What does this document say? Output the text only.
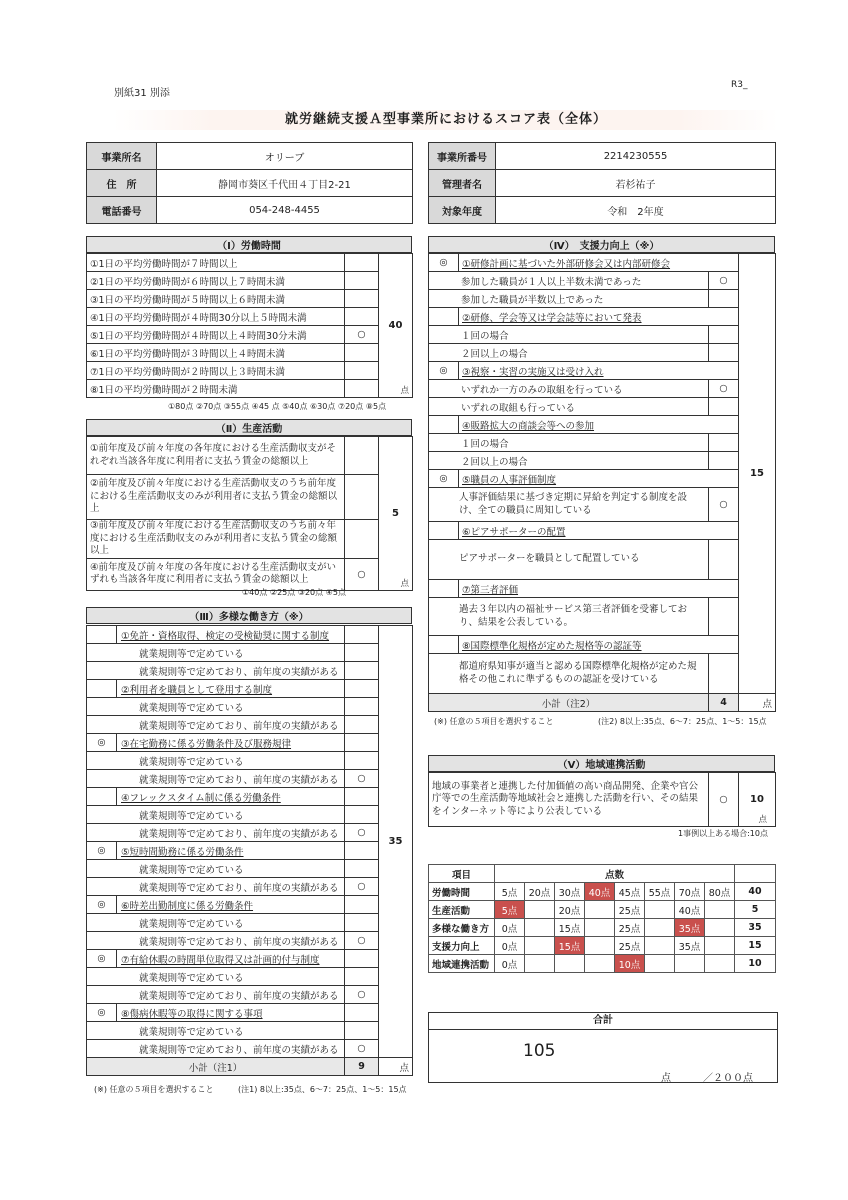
別紙31 別添
R3_
就労継続支援Ａ型事業所におけるスコア表（全体）
事業所名	オリーブ
住　所	静岡市葵区千代田４丁目2-21
電話番号	054-248-4455
事業所番号	2214230555
管理者名	若杉祐子
対象年度	令和　2年度
（Ⅰ）労働時間
①1日の平均労働時間が７時間以上		40
点

②1日の平均労働時間が６時間以上７時間未満		
③1日の平均労働時間が５時間以上６時間未満		
④1日の平均労働時間が４時間30分以上５時間未満		
⑤1日の平均労働時間が４時間以上４時間30分未満	○	
⑥1日の平均労働時間が３時間以上４時間未満		
⑦1日の平均労働時間が２時間以上３時間未満		
⑧1日の平均労働時間が２時間未満		
①80点 ②70点 ③55点 ④45 点 ⑤40点 ⑥30点 ⑦20点 ⑧5点
（Ⅱ）生産活動
①前年度及び前々年度の各年度における生産活動収支がそれぞれ当該各年度に利用者に支払う賃金の総額以上		5
点

②前年度及び前々年度における生産活動収支のうち前年度における生産活動収支のみが利用者に支払う賃金の総額以上		
③前年度及び前々年度における生産活動収支のうち前々年度における生産活動収支のみが利用者に支払う賃金の総額以上		
④前年度及び前々年度の各年度における生産活動収支がいずれも当該各年度に利用者に支払う賃金の総額以上	○	
①40点 ②25点 ③20点 ④5点
（Ⅲ）多様な働き方（※）
	①免許・資格取得、検定の受検勧奨に関する制度		35

就業規則等で定めている			
就業規則等で定めており、前年度の実績がある			
	②利用者を職員として登用する制度		
就業規則等で定めている			
就業規則等で定めており、前年度の実績がある			
◎	③在宅勤務に係る労働条件及び服務規律		
就業規則等で定めている			
就業規則等で定めており、前年度の実績がある		○	
	④フレックスタイム制に係る労働条件		
就業規則等で定めている			
就業規則等で定めており、前年度の実績がある		○	
◎	⑤短時間勤務に係る労働条件		
就業規則等で定めている			
就業規則等で定めており、前年度の実績がある		○	
◎	⑥時差出勤制度に係る労働条件		
就業規則等で定めている			
就業規則等で定めており、前年度の実績がある		○	
◎	⑦有給休暇の時間単位取得又は計画的付与制度		
就業規則等で定めている			
就業規則等で定めており、前年度の実績がある		○	
◎	⑧傷病休暇等の取得に関する事項		
就業規則等で定めている			
就業規則等で定めており、前年度の実績がある		○	
小計（注1）		9	点
(※) 任意の５項目を選択すること	(注1) 8以上:35点、6～7：25点、1～5：15点
（Ⅳ）　支援力向上（※）
◎	①研修計画に基づいた外部研修会又は内部研修会		15

参加した職員が１人以上半数未満であった		○	
参加した職員が半数以上であった			
	②研修、学会等又は学会誌等において発表		
１回の場合			
２回以上の場合			
◎	③視察・実習の実施又は受け入れ		
いずれか一方のみの取組を行っている		○	
いずれの取組も行っている			
	④販路拡大の商談会等への参加		
１回の場合			
２回以上の場合			
◎	⑤職員の人事評価制度		
人事評価結果に基づき定期に昇給を判定する制度を設け、全ての職員に周知している		○	
	⑥ピアサポーターの配置		
ピアサポーターを職員として配置している			
	⑦第三者評価		
過去３年以内の福祉サービス第三者評価を受審しており、結果を公表している。			
	⑧国際標準化規格が定めた規格等の認証等		
都道府県知事が適当と認める国際標準化規格が定めた規格その他これに準ずるものの認証を受けている			
小計（注2）		4	点
(※) 任意の５項目を選択すること	(注2) 8以上:35点、6～7：25点、1～5：15点
（Ⅴ）地域連携活動
地域の事業者と連携した付加価値の高い商品開発、企業や官公庁等での生産活動等地域社会と連携した活動を行い、その結果をインターネット等により公表している	○	10
点
1事例以上ある場合:10点
項目	点数								
労働時間	5点	20点	30点	40点	45点	55点	70点	80点	40
生産活動	5点		20点		25点		40点		5
多様な働き方	0点		15点		25点		35点		35
支援力向上	0点		15点		25点		35点		15
地域連携活動	0点				10点				10
合計
105
点	／２００点
